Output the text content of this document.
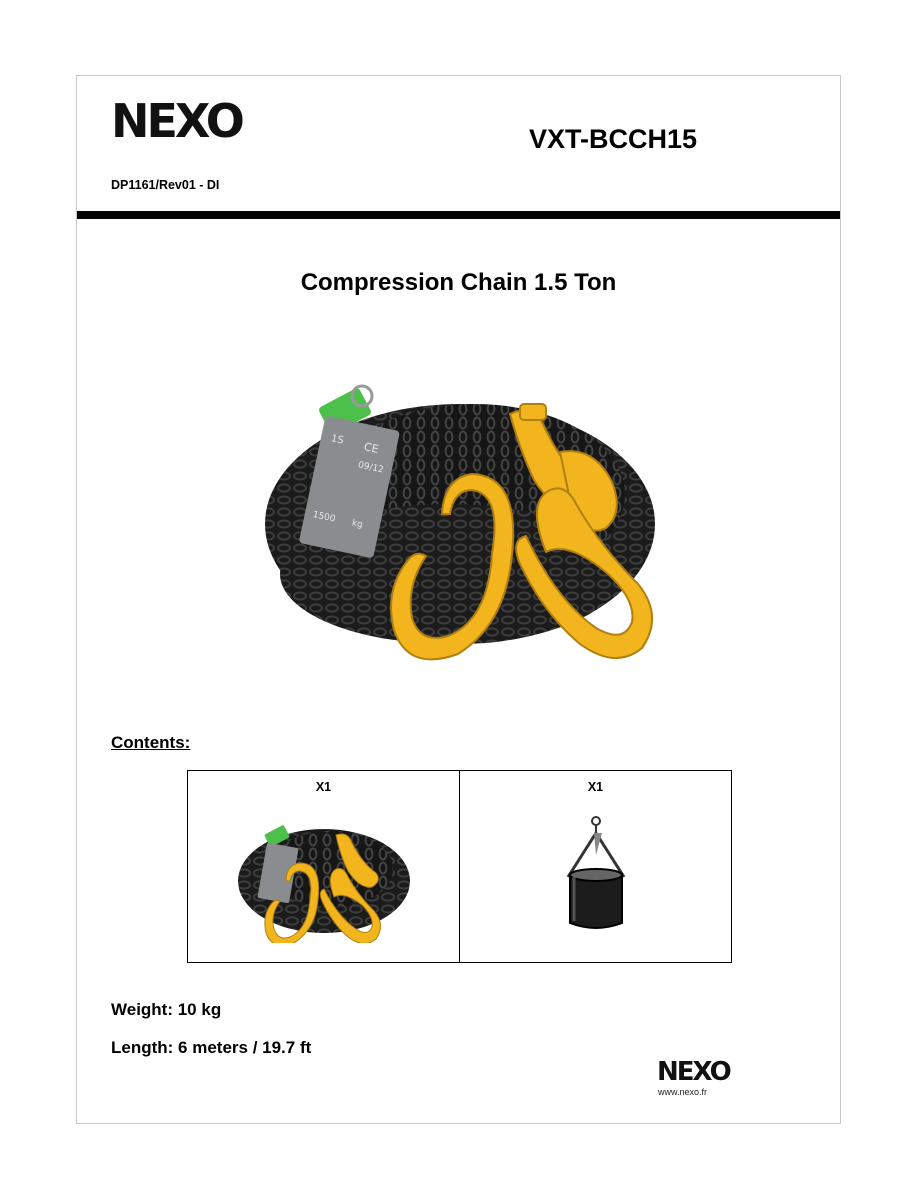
NEXO	VXT-BCCH15
DP1161/Rev01 - DI
Compression Chain 1.5 Ton
1S
CE
09/12
1500 kg
Contents:
X1	X1
Weight: 10 kg
Length: 6 meters / 19.7 ft
NEXO
www.nexo.fr
